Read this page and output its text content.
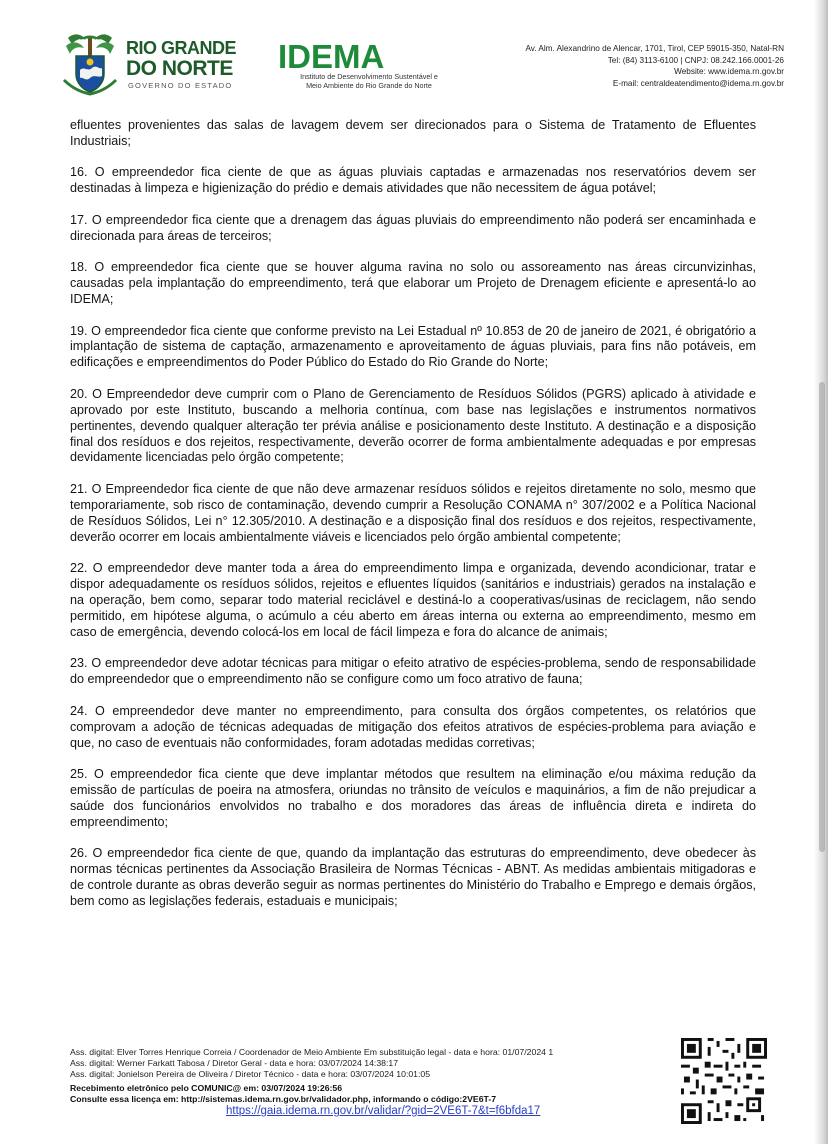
RIO GRANDE
DO NORTE
GOVERNO DO ESTADO
IDEMA
Instituto de Desenvolvimento Sustentável e
Meio Ambiente do Rio Grande do Norte
Av. Alm. Alexandrino de Alencar, 1701, Tirol, CEP 59015-350, Natal-RN
Tel: (84) 3113-6100 | CNPJ: 08.242.166.0001-26
Website: www.idema.rn.gov.br
E-mail: centraldeatendimento@idema.rn.gov.br

efluentes provenientes das salas de lavagem devem ser direcionados para o Sistema de Tratamento de Efluentes Industriais;

16. O empreendedor fica ciente de que as águas pluviais captadas e armazenadas nos reservatórios devem ser destinadas à limpeza e higienização do prédio e demais atividades que não necessitem de água potável;

17. O empreendedor fica ciente que a drenagem das águas pluviais do empreendimento não poderá ser encaminhada e direcionada para áreas de terceiros;

18. O empreendedor fica ciente que se houver alguma ravina no solo ou assoreamento nas áreas circunvizinhas, causadas pela implantação do empreendimento, terá que elaborar um Projeto de Drenagem eficiente e apresentá-lo ao IDEMA;

19. O empreendedor fica ciente que conforme previsto na Lei Estadual nº 10.853 de 20 de janeiro de 2021, é obrigatório a implantação de sistema de captação, armazenamento e aproveitamento de águas pluviais, para fins não potáveis, em edificações e empreendimentos do Poder Público do Estado do Rio Grande do Norte;

20. O Empreendedor deve cumprir com o Plano de Gerenciamento de Resíduos Sólidos (PGRS) aplicado à atividade e aprovado por este Instituto, buscando a melhoria contínua, com base nas legislações e instrumentos normativos pertinentes, devendo qualquer alteração ter prévia análise e posicionamento deste Instituto. A destinação e a disposição final dos resíduos e dos rejeitos, respectivamente, deverão ocorrer de forma ambientalmente adequadas e por empresas devidamente licenciadas pelo órgão competente;

21. O Empreendedor fica ciente de que não deve armazenar resíduos sólidos e rejeitos diretamente no solo, mesmo que temporariamente, sob risco de contaminação, devendo cumprir a Resolução CONAMA n° 307/2002 e a Política Nacional de Resíduos Sólidos, Lei n° 12.305/2010. A destinação e a disposição final dos resíduos e dos rejeitos, respectivamente, deverão ocorrer em locais ambientalmente viáveis e licenciados pelo órgão ambiental competente;

22. O empreendedor deve manter toda a área do empreendimento limpa e organizada, devendo acondicionar, tratar e dispor adequadamente os resíduos sólidos, rejeitos e efluentes líquidos (sanitários e industriais) gerados na instalação e na operação, bem como, separar todo material reciclável e destiná-lo a cooperativas/usinas de reciclagem, não sendo permitido, em hipótese alguma, o acúmulo a céu aberto em áreas interna ou externa ao empreendimento, mesmo em caso de emergência, devendo colocá-los em local de fácil limpeza e fora do alcance de animais;

23. O empreendedor deve adotar técnicas para mitigar o efeito atrativo de espécies-problema, sendo de responsabilidade do empreendedor que o empreendimento não se configure como um foco atrativo de fauna;

24. O empreendedor deve manter no empreendimento, para consulta dos órgãos competentes, os relatórios que comprovam a adoção de técnicas adequadas de mitigação dos efeitos atrativos de espécies-problema para aviação e que, no caso de eventuais não conformidades, foram adotadas medidas corretivas;

25. O empreendedor fica ciente que deve implantar métodos que resultem na eliminação e/ou máxima redução da emissão de partículas de poeira na atmosfera, oriundas no trânsito de veículos e maquinários, a fim de não prejudicar a saúde dos funcionários envolvidos no trabalho e dos moradores das áreas de influência direta e indireta do empreendimento;

26. O empreendedor fica ciente de que, quando da implantação das estruturas do empreendimento, deve obedecer às normas técnicas pertinentes da Associação Brasileira de Normas Técnicas - ABNT. As medidas ambientais mitigadoras e de controle durante as obras deverão seguir as normas pertinentes do Ministério do Trabalho e Emprego e demais órgãos, bem como as legislações federais, estaduais e municipais;

Ass. digital: Elver Torres Henrique Correia / Coordenador de Meio Ambiente Em substituição legal - data e hora: 01/07/2024 1
Ass. digital: Werner Farkatt Tabosa / Diretor Geral - data e hora: 03/07/2024 14:38:17
Ass. digital: Jonielson Pereira de Oliveira / Diretor Técnico - data e hora: 03/07/2024 10:01:05
Recebimento eletrônico pelo COMUNIC@ em: 03/07/2024 19:26:56
Consulte essa licença em: http://sistemas.idema.rn.gov.br/validador.php, informando o código:2VE6T-7
https://gaia.idema.rn.gov.br/validar/?gid=2VE6T-7&t=f6bfda17
